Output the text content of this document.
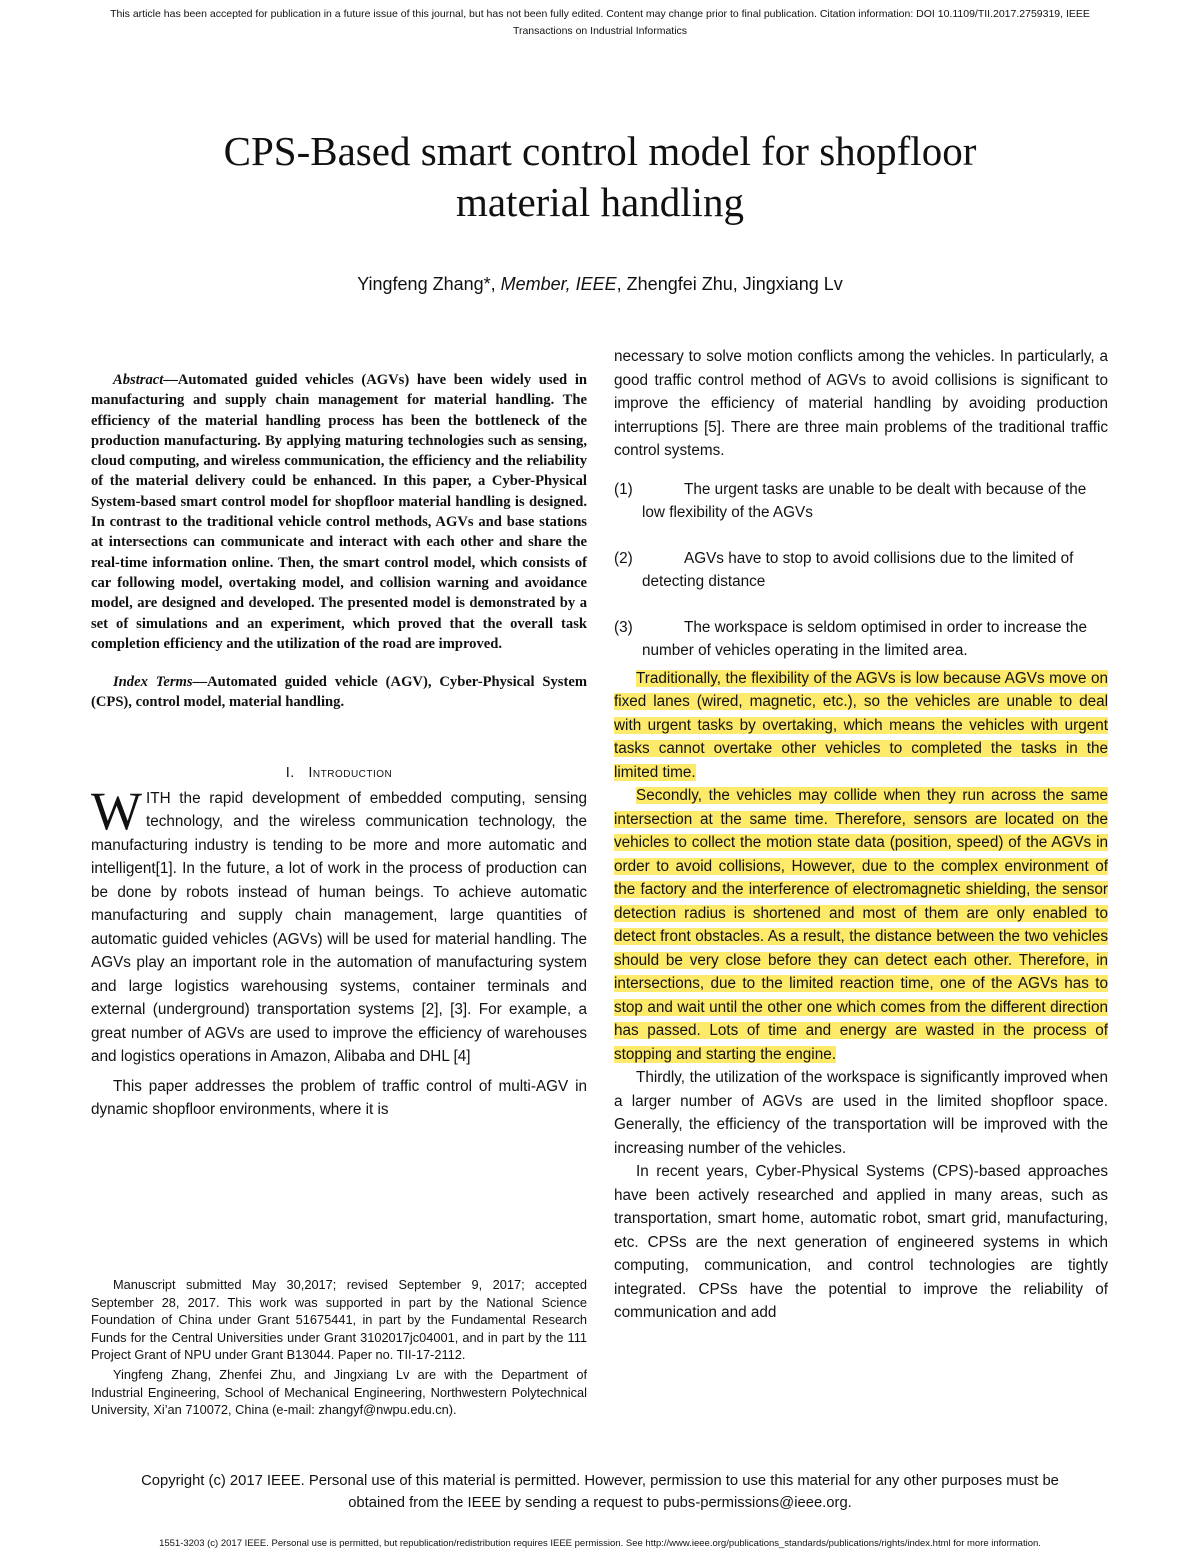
This article has been accepted for publication in a future issue of this journal, but has not been fully edited. Content may change prior to final publication. Citation information: DOI 10.1109/TII.2017.2759319, IEEE
Transactions on Industrial Informatics
CPS-Based smart control model for shopfloor
material handling
Yingfeng Zhang*, Member, IEEE, Zhengfei Zhu, Jingxiang Lv

Abstract—Automated guided vehicles (AGVs) have been widely used in manufacturing and supply chain management for material handling. The efficiency of the material handling process has been the bottleneck of the production manufacturing. By applying maturing technologies such as sensing, cloud computing, and wireless communication, the efficiency and the reliability of the material delivery could be enhanced. In this paper, a Cyber-Physical System-based smart control model for shopfloor material handling is designed. In contrast to the traditional vehicle control methods, AGVs and base stations at intersections can communicate and interact with each other and share the real-time information online. Then, the smart control model, which consists of car following model, overtaking model, and collision warning and avoidance model, are designed and developed. The presented model is demonstrated by a set of simulations and an experiment, which proved that the overall task completion efficiency and the utilization of the road are improved.

Index Terms—Automated guided vehicle (AGV), Cyber-Physical System (CPS), control model, material handling.

I. Introduction

WITH the rapid development of embedded computing, sensing technology, and the wireless communication technology, the manufacturing industry is tending to be more and more automatic and intelligent[1]. In the future, a lot of work in the process of production can be done by robots instead of human beings. To achieve automatic manufacturing and supply chain management, large quantities of automatic guided vehicles (AGVs) will be used for material handling. The AGVs play an important role in the automation of manufacturing system and large logistics warehousing systems, container terminals and external (underground) transportation systems [2], [3]. For example, a great number of AGVs are used to improve the efficiency of warehouses and logistics operations in Amazon, Alibaba and DHL [4]

This paper addresses the problem of traffic control of multi-AGV in dynamic shopfloor environments, where it is

Manuscript submitted May 30,2017; revised September 9, 2017; accepted September 28, 2017. This work was supported in part by the National Science Foundation of China under Grant 51675441, in part by the Fundamental Research Funds for the Central Universities under Grant 3102017jc04001, and in part by the 111 Project Grant of NPU under Grant B13044. Paper no. TII-17-2112.

Yingfeng Zhang, Zhenfei Zhu, and Jingxiang Lv are with the Department of Industrial Engineering, School of Mechanical Engineering, Northwestern Polytechnical University, Xi’an 710072, China (e-mail: zhangyf@nwpu.edu.cn).

necessary to solve motion conflicts among the vehicles. In particularly, a good traffic control method of AGVs to avoid collisions is significant to improve the efficiency of material handling by avoiding production interruptions [5]. There are three main problems of the traditional traffic control systems.

(1)	The urgent tasks are unable to be dealt with because of the low flexibility of the AGVs
(2)	AGVs have to stop to avoid collisions due to the limited of detecting distance
(3)	The workspace is seldom optimised in order to increase the number of vehicles operating in the limited area.

Traditionally, the flexibility of the AGVs is low because AGVs move on fixed lanes (wired, magnetic, etc.), so the vehicles are unable to deal with urgent tasks by overtaking, which means the vehicles with urgent tasks cannot overtake other vehicles to completed the tasks in the limited time.

Secondly, the vehicles may collide when they run across the same intersection at the same time. Therefore, sensors are located on the vehicles to collect the motion state data (position, speed) of the AGVs in order to avoid collisions, However, due to the complex environment of the factory and the interference of electromagnetic shielding, the sensor detection radius is shortened and most of them are only enabled to detect front obstacles. As a result, the distance between the two vehicles should be very close before they can detect each other. Therefore, in intersections, due to the limited reaction time, one of the AGVs has to stop and wait until the other one which comes from the different direction has passed. Lots of time and energy are wasted in the process of stopping and starting the engine.

Thirdly, the utilization of the workspace is significantly improved when a larger number of AGVs are used in the limited shopfloor space. Generally, the efficiency of the transportation will be improved with the increasing number of the vehicles.

In recent years, Cyber-Physical Systems (CPS)-based approaches have been actively researched and applied in many areas, such as transportation, smart home, automatic robot, smart grid, manufacturing, etc. CPSs are the next generation of engineered systems in which computing, communication, and control technologies are tightly integrated. CPSs have the potential to improve the reliability of communication and add

Copyright (c) 2017 IEEE. Personal use of this material is permitted. However, permission to use this material for any other purposes must be
obtained from the IEEE by sending a request to pubs-permissions@ieee.org.
1551-3203 (c) 2017 IEEE. Personal use is permitted, but republication/redistribution requires IEEE permission. See http://www.ieee.org/publications_standards/publications/rights/index.html for more information.
